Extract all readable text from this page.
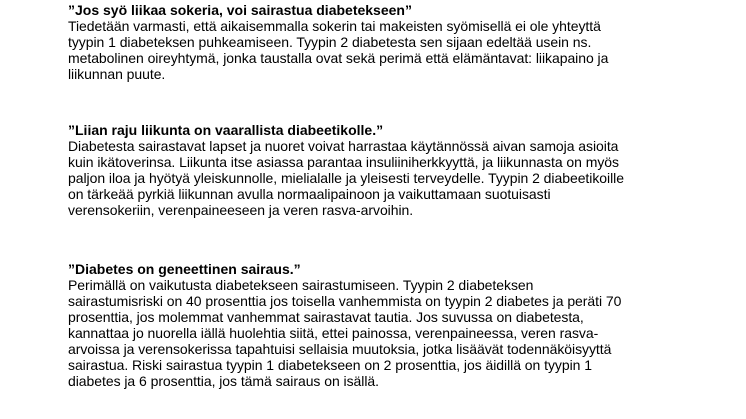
”Jos syö liikaa sokeria, voi sairastua diabetekseen”

Tiedetään varmasti, että aikaisemmalla sokerin tai makeisten syömisellä ei ole yhteyttä
tyypin 1 diabeteksen puhkeamiseen. Tyypin 2 diabetesta sen sijaan edeltää usein ns.
metabolinen oireyhtymä, jonka taustalla ovat sekä perimä että elämäntavat: liikapaino ja
liikunnan puute.

”Liian raju liikunta on vaarallista diabeetikolle.”

Diabetesta sairastavat lapset ja nuoret voivat harrastaa käytännössä aivan samoja asioita
kuin ikätoverinsa. Liikunta itse asiassa parantaa insuliiniherkkyyttä, ja liikunnasta on myös
paljon iloa ja hyötyä yleiskunnolle, mielialalle ja yleisesti terveydelle. Tyypin 2 diabeetikoille
on tärkeää pyrkiä liikunnan avulla normaalipainoon ja vaikuttamaan suotuisasti
verensokeriin, verenpaineeseen ja veren rasva-arvoihin.

”Diabetes on geneettinen sairaus.”

Perimällä on vaikutusta diabetekseen sairastumiseen. Tyypin 2 diabeteksen
sairastumisriski on 40 prosenttia jos toisella vanhemmista on tyypin 2 diabetes ja peräti 70
prosenttia, jos molemmat vanhemmat sairastavat tautia. Jos suvussa on diabetesta,
kannattaa jo nuorella iällä huolehtia siitä, ettei painossa, verenpaineessa, veren rasva-
arvoissa ja verensokerissa tapahtuisi sellaisia muutoksia, jotka lisäävät todennäköisyyttä
sairastua. Riski sairastua tyypin 1 diabetekseen on 2 prosenttia, jos äidillä on tyypin 1
diabetes ja 6 prosenttia, jos tämä sairaus on isällä.
